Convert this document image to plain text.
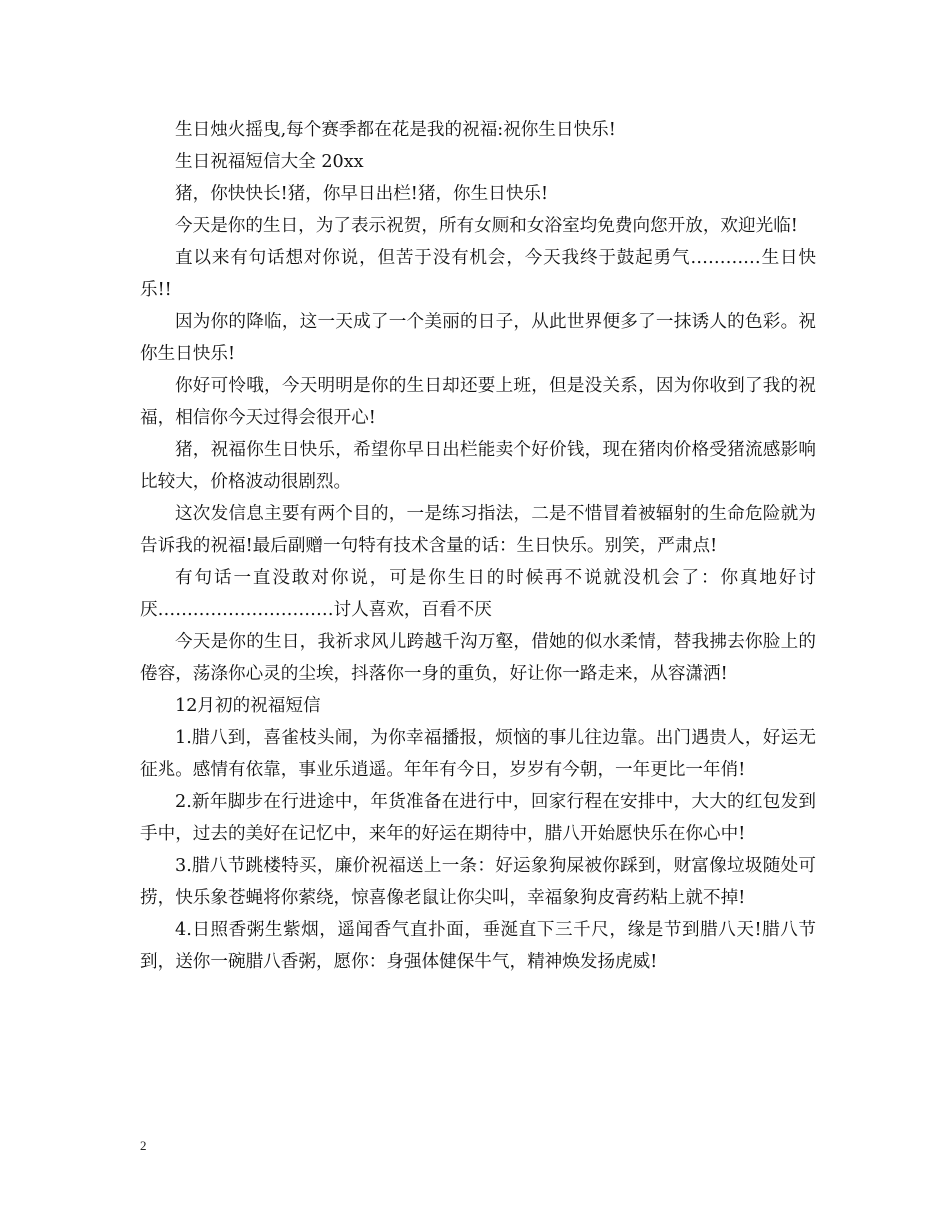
生日烛火摇曳,每个赛季都在花是我的祝福:祝你生日快乐!

生日祝福短信大全 20xx

猪，你快快长!猪，你早日出栏!猪，你生日快乐!

今天是你的生日，为了表示祝贺，所有女厕和女浴室均免费向您开放，欢迎光临!

直以来有句话想对你说，但苦于没有机会，今天我终于鼓起勇气…………生日快乐!!

因为你的降临，这一天成了一个美丽的日子，从此世界便多了一抹诱人的色彩。祝你生日快乐!

你好可怜哦，今天明明是你的生日却还要上班，但是没关系，因为你收到了我的祝福，相信你今天过得会很开心!

猪，祝福你生日快乐，希望你早日出栏能卖个好价钱，现在猪肉价格受猪流感影响比较大，价格波动很剧烈。

这次发信息主要有两个目的，一是练习指法，二是不惜冒着被辐射的生命危险就为告诉我的祝福!最后副赠一句特有技术含量的话：生日快乐。别笑，严肃点!

有句话一直没敢对你说，可是你生日的时候再不说就没机会了：你真地好讨厌…………………………讨人喜欢，百看不厌

今天是你的生日，我祈求风儿跨越千沟万壑，借她的似水柔情，替我拂去你脸上的倦容，荡涤你心灵的尘埃，抖落你一身的重负，好让你一路走来，从容潇洒!

12月初的祝福短信

1.腊八到，喜雀枝头闹，为你幸福播报，烦恼的事儿往边靠。出门遇贵人，好运无征兆。感情有依靠，事业乐逍遥。年年有今日，岁岁有今朝，一年更比一年俏!

2.新年脚步在行进途中，年货准备在进行中，回家行程在安排中，大大的红包发到手中，过去的美好在记忆中，来年的好运在期待中，腊八开始愿快乐在你心中!

3.腊八节跳楼特买，廉价祝福送上一条：好运象狗屎被你踩到，财富像垃圾随处可捞，快乐象苍蝇将你萦绕，惊喜像老鼠让你尖叫，幸福象狗皮膏药粘上就不掉!

4.日照香粥生紫烟，遥闻香气直扑面，垂涎直下三千尺，缘是节到腊八天!腊八节到，送你一碗腊八香粥，愿你：身强体健保牛气，精神焕发扬虎威!

2
